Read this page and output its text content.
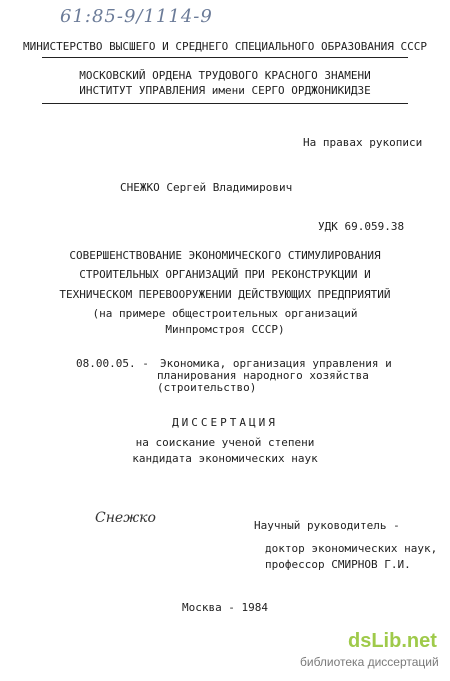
61:85-9/1114-9
МИНИСТЕРСТВО ВЫСШЕГО И СРЕДНЕГО СПЕЦИАЛЬНОГО ОБРАЗОВАНИЯ СССР
МОСКОВСКИЙ ОРДЕНА ТРУДОВОГО КРАСНОГО ЗНАМЕНИ
ИНСТИТУТ УПРАВЛЕНИЯ имени СЕРГО ОРДЖОНИКИДЗЕ
На правах рукописи
СНЕЖКО Сергей Владимирович
УДК 69.059.38
СОВЕРШЕНСТВОВАНИЕ ЭКОНОМИЧЕСКОГО СТИМУЛИРОВАНИЯ
СТРОИТЕЛЬНЫХ ОРГАНИЗАЦИЙ ПРИ РЕКОНСТРУКЦИИ И
ТЕХНИЧЕСКОМ ПЕРЕВООРУЖЕНИИ ДЕЙСТВУЮЩИХ ПРЕДПРИЯТИЙ
(на примере общестроительных организаций
Минпромстроя СССР)
08.00.05. - Экономика, организация управления и
планирования народного хозяйства
(строительство)
ДИССЕРТАЦИЯ
на соискание ученой степени
кандидата экономических наук
Снежко	Научный руководитель -
доктор экономических наук,
профессор СМИРНОВ Г.И.
Москва - 1984
dsLib.net
библиотека диссертаций
